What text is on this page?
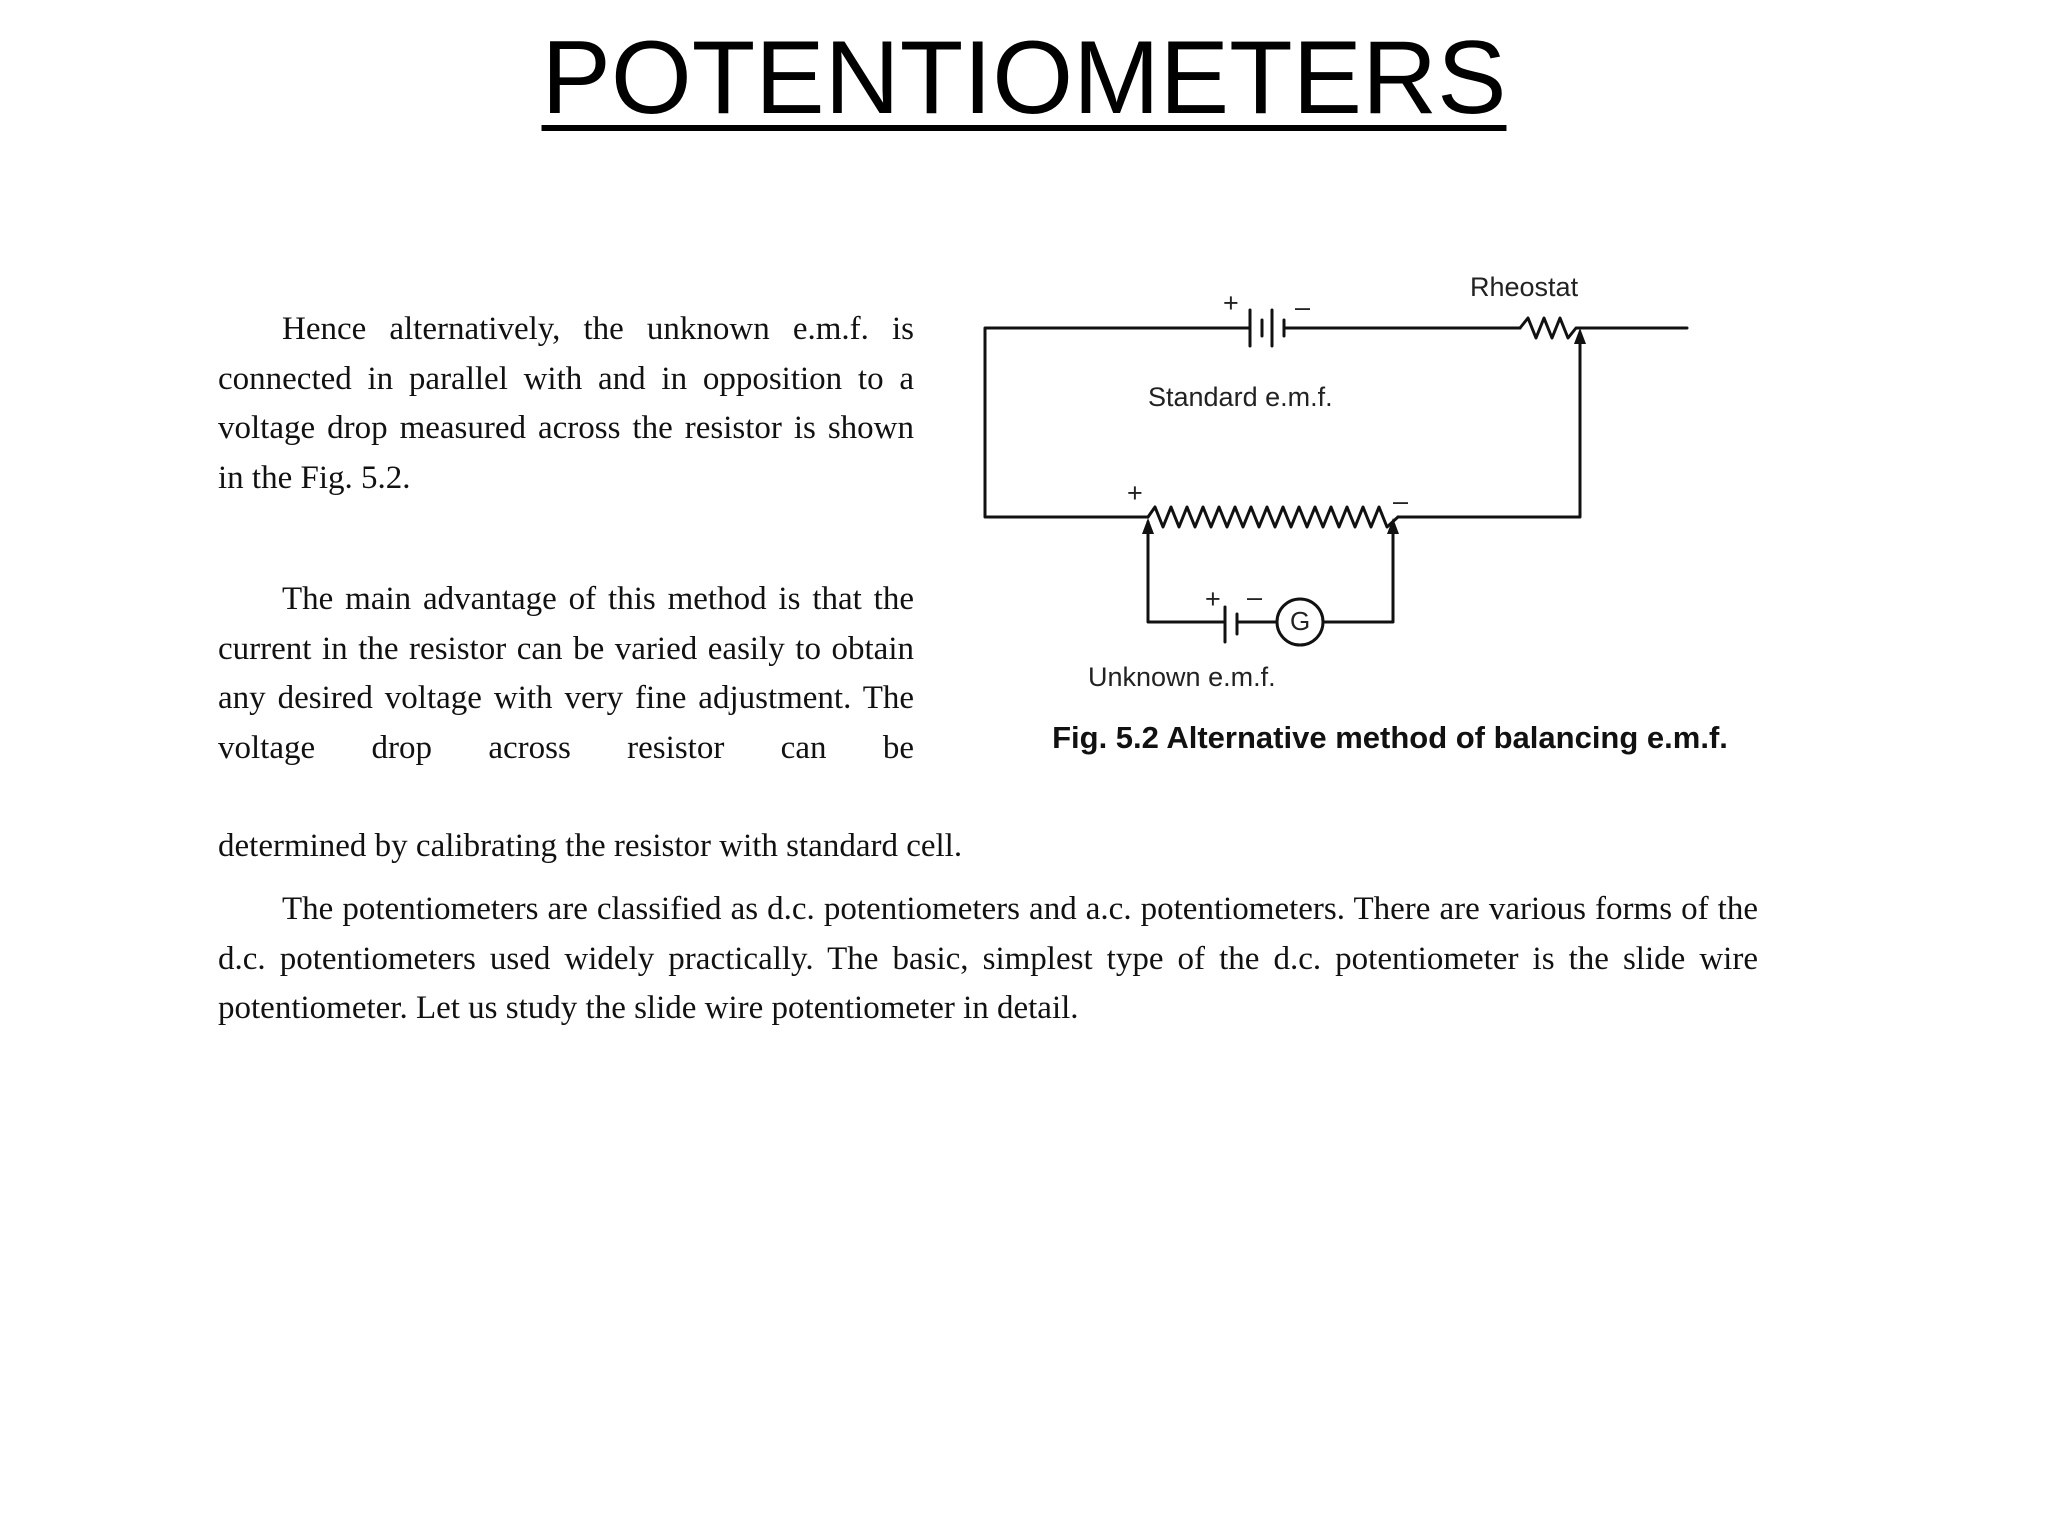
POTENTIOMETERS

Hence alternatively, the unknown e.m.f. is connected in parallel with and in opposition to a voltage drop measured across the resistor is shown in the Fig. 5.2.

The main advantage of this method is that the current in the resistor can be varied easily to obtain any desired voltage with very fine adjustment. The voltage drop across resistor can be

determined by calibrating the resistor with standard cell.

The potentiometers are classified as d.c. potentiometers and a.c. potentiometers. There are various forms of the d.c. potentiometers used widely practically. The basic, simplest type of the d.c. potentiometer is the slide wire potentiometer. Let us study the slide wire potentiometer in detail.

Rheostat
Standard e.m.f.
+ –
+	–
+ –
G
Unknown e.m.f.
Fig. 5.2 Alternative method of balancing e.m.f.
